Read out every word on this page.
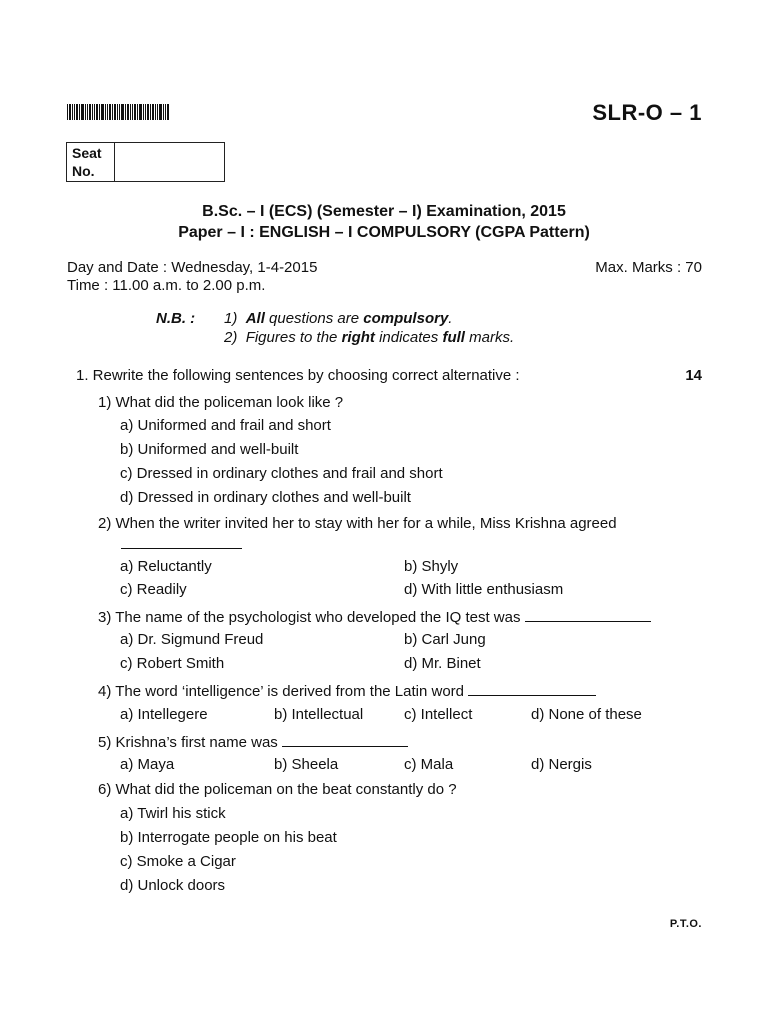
SLR-O – 1
Seat
No.
B.Sc. – I (ECS) (Semester – I) Examination, 2015
Paper – I : ENGLISH – I COMPULSORY (CGPA Pattern)
Day and Date : Wednesday, 1-4-2015	Max. Marks : 70
Time : 11.00 a.m. to 2.00 p.m.
N.B. : 1) All questions are compulsory.
2) Figures to the right indicates full marks.
1. Rewrite the following sentences by choosing correct alternative :	14
1) What did the policeman look like ?
a) Uniformed and frail and short
b) Uniformed and well-built
c) Dressed in ordinary clothes and frail and short
d) Dressed in ordinary clothes and well-built
2) When the writer invited her to stay with her for a while, Miss Krishna agreed
a) Reluctantly	b) Shyly
c) Readily	d) With little enthusiasm
3) The name of the psychologist who developed the IQ test was
a) Dr. Sigmund Freud	b) Carl Jung
c) Robert Smith	d) Mr. Binet
4) The word ‘intelligence’ is derived from the Latin word
a) Intellegere	b) Intellectual	c) Intellect	d) None of these
5) Krishna’s first name was
a) Maya	b) Sheela	c) Mala	d) Nergis
6) What did the policeman on the beat constantly do ?
a) Twirl his stick
b) Interrogate people on his beat
c) Smoke a Cigar
d) Unlock doors
P.T.O.
